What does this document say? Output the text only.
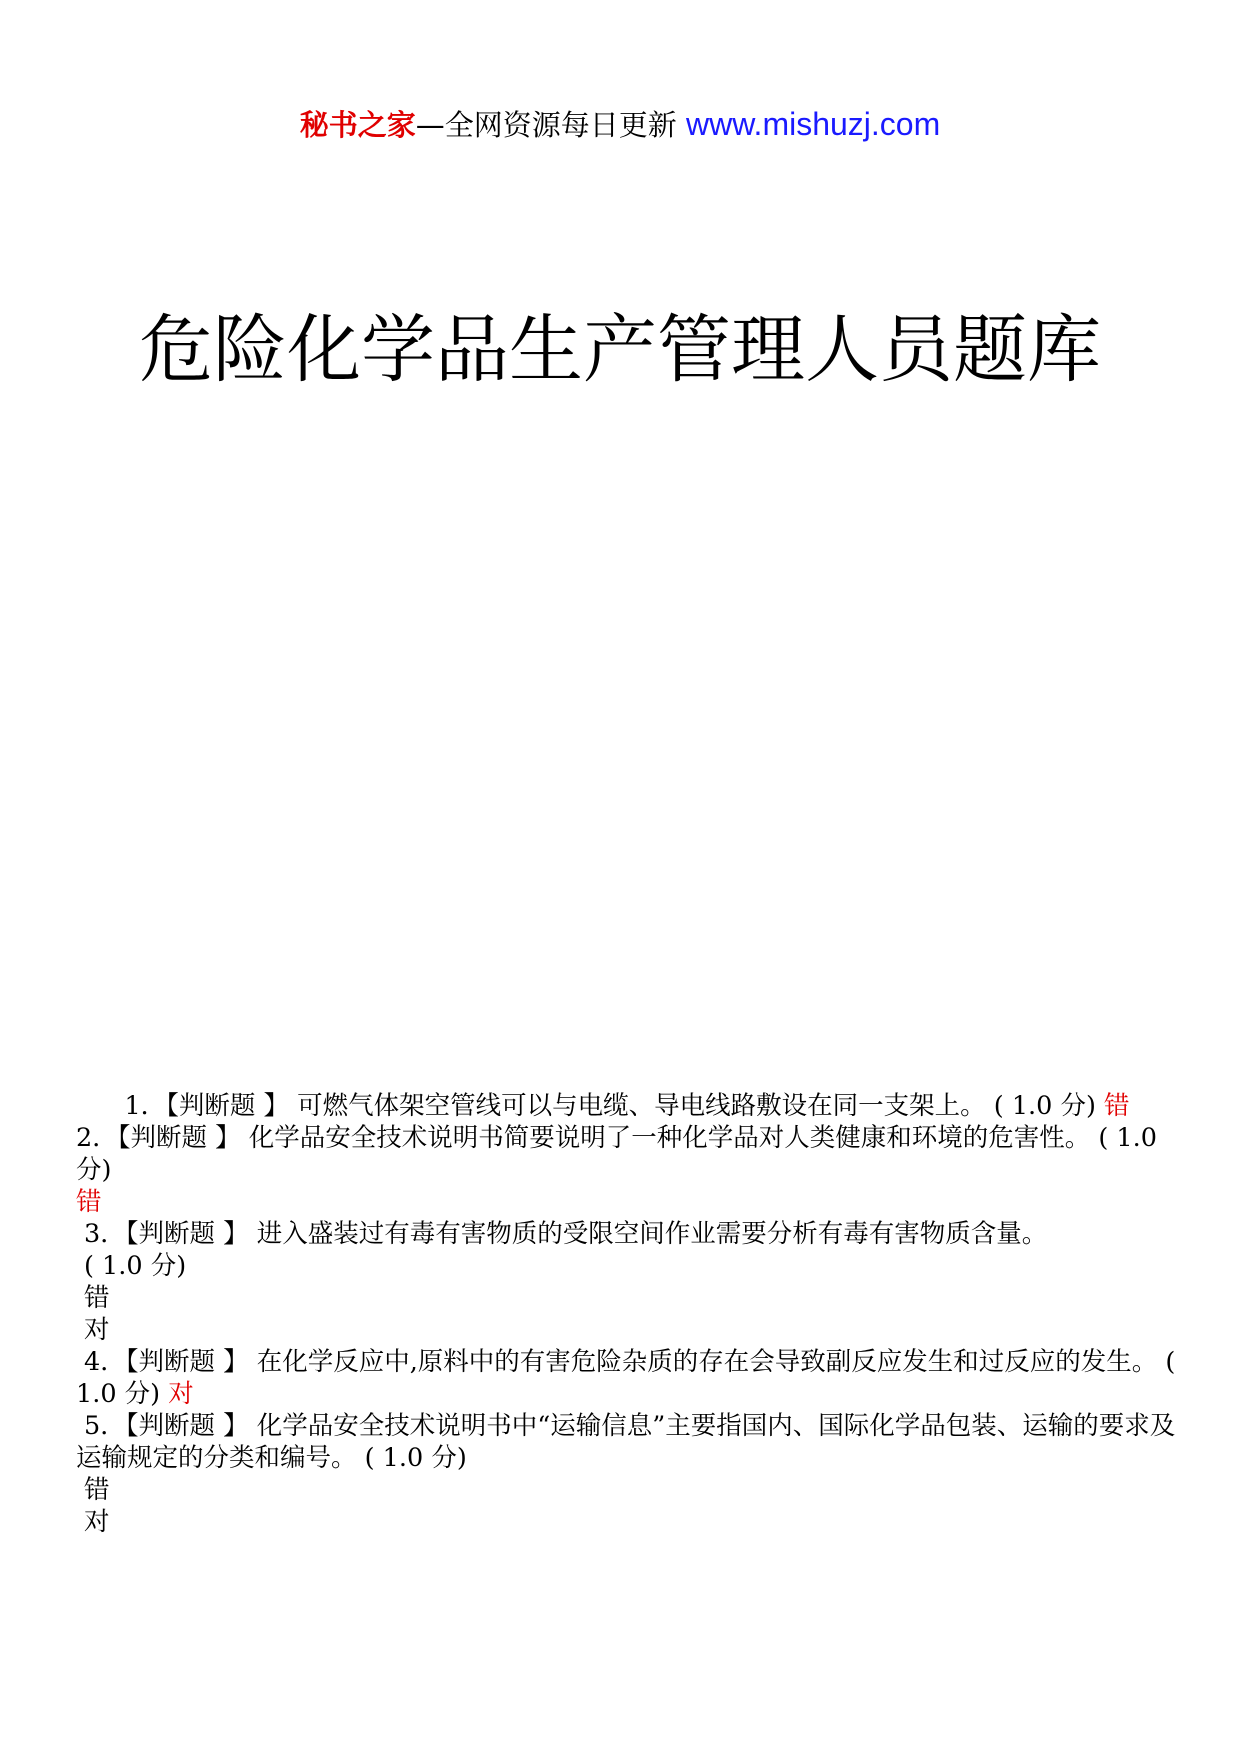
秘书之家—全网资源每日更新 www.mishuzj.com
危险化学品生产管理人员题库

1．【判断题 】 可燃气体架空管线可以与电缆、导电线路敷设在同一支架上。 ( 1.0 分) 错

2．【判断题 】 化学品安全技术说明书简要说明了一种化学品对人类健康和环境的危害性。 ( 1.0 分)
错

3．【判断题 】 进入盛装过有毒有害物质的受限空间作业需要分析有毒有害物质含量。
( 1.0 分)
错
对

4．【判断题 】 在化学反应中,原料中的有害危险杂质的存在会导致副反应发生和过反应的发生。 ( 1.0 分) 对

5．【判断题 】 化学品安全技术说明书中“运输信息”主要指国内、国际化学品包装、运输的要求及运输规定的分类和编号。 ( 1.0 分)
错
对
